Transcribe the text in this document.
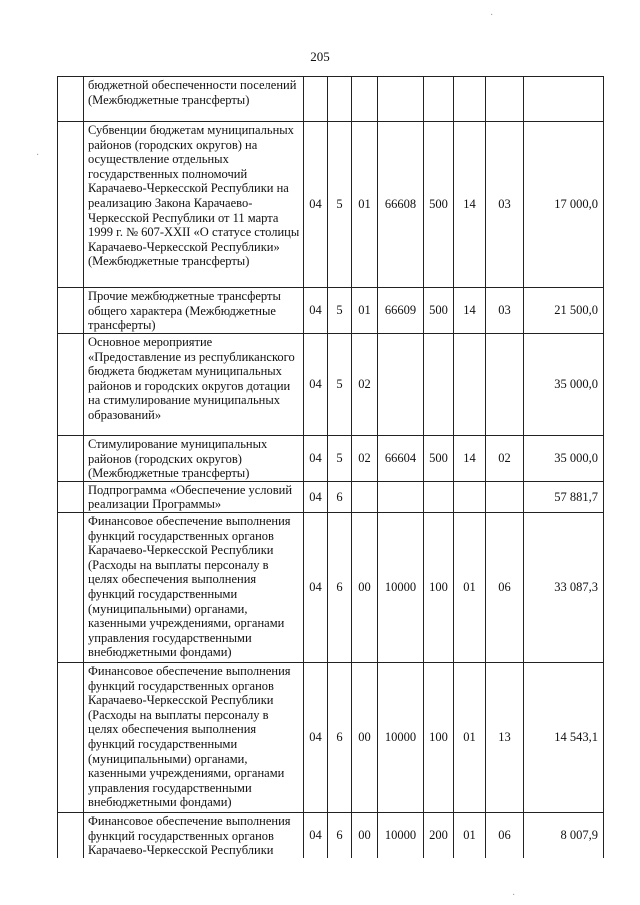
205
	бюджетной обеспеченности поселений (Межбюджетные трансферты)								
	Субвенции бюджетам муниципальных районов (городских округов) на осуществление отдельных государственных полномочий Карачаево-Черкесской Республики на реализацию Закона Карачаево-Черкесской Республики от 11 марта 1999 г. № 607-XXII «О статусе столицы Карачаево-Черкесской Республики» (Межбюджетные трансферты)	04	5	01	66608	500	14	03	17 000,0
	Прочие межбюджетные трансферты общего характера (Межбюджетные трансферты)	04	5	01	66609	500	14	03	21 500,0
	Основное мероприятие «Предоставление из республиканского бюджета бюджетам муниципальных районов и городских округов дотации на стимулирование муниципальных образований»	04	5	02					35 000,0
	Стимулирование муниципальных районов (городских округов) (Межбюджетные трансферты)	04	5	02	66604	500	14	02	35 000,0
	Подпрограмма «Обеспечение условий реализации Программы»	04	6						57 881,7
	Финансовое обеспечение выполнения функций государственных органов Карачаево-Черкесской Республики (Расходы на выплаты персоналу в целях обеспечения выполнения функций государственными (муниципальными) органами, казенными учреждениями, органами управления государственными внебюджетными фондами)	04	6	00	10000	100	01	06	33 087,3
	Финансовое обеспечение выполнения функций государственных органов Карачаево-Черкесской Республики (Расходы на выплаты персоналу в целях обеспечения выполнения функций государственными (муниципальными) органами, казенными учреждениями, органами управления государственными внебюджетными фондами)	04	6	00	10000	100	01	13	14 543,1
	Финансовое обеспечение выполнения функций государственных органов Карачаево-Черкесской Республики	04	6	00	10000	200	01	06	8 007,9
·
·
·
